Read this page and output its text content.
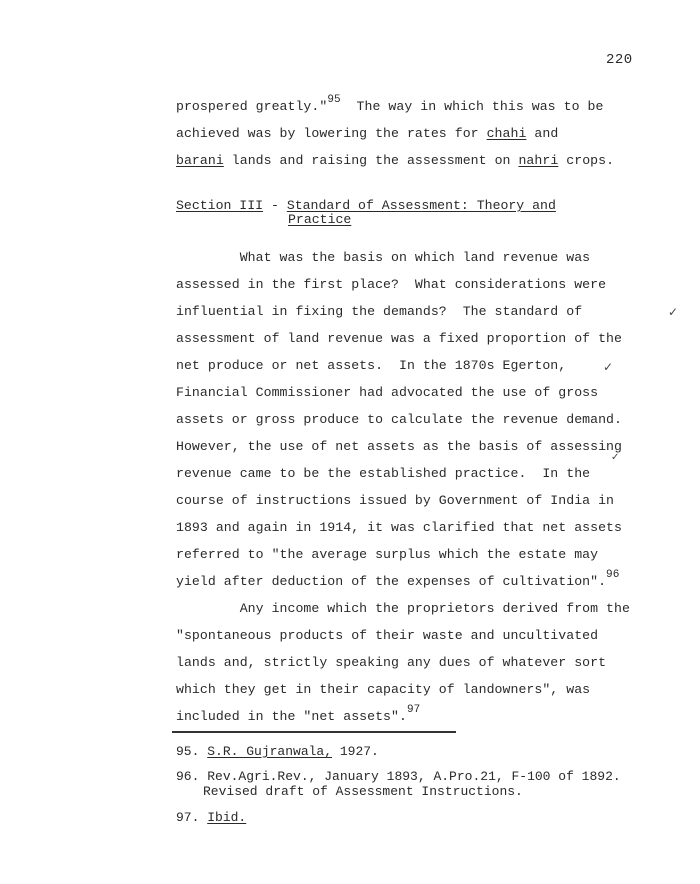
220
prospered greatly."$^{95}$  The way in which this was to be
achieved was by lowering the rates for chahi and
barani lands and raising the assessment on nahri crops.
Section III - Standard of Assessment: Theory and
Practice
What was the basis on which land revenue was
assessed in the first place?  What considerations were
influential in fixing the demands?  The standard of
assessment of land revenue was a fixed proportion of the
net produce or net assets.  In the 1870s Egerton,
Financial Commissioner had advocated the use of gross
assets or gross produce to calculate the revenue demand.
However, the use of net assets as the basis of assessing
revenue came to be the established practice.  In the
course of instructions issued by Government of India in
1893 and again in 1914, it was clarified that net assets
referred to "the average surplus which the estate may
yield after deduction of the expenses of cultivation".$^{96}$
Any income which the proprietors derived from the
"spontaneous products of their waste and uncultivated
lands and, strictly speaking any dues of whatever sort
which they get in their capacity of landowners", was
included in the "net assets".$^{97}$
95. S.R. Gujranwala, 1927.
96. Rev.Agri.Rev., January 1893, A.Pro.21, F-100 of 1892.
Revised draft of Assessment Instructions.
97. Ibid.
✓
✓
✓
